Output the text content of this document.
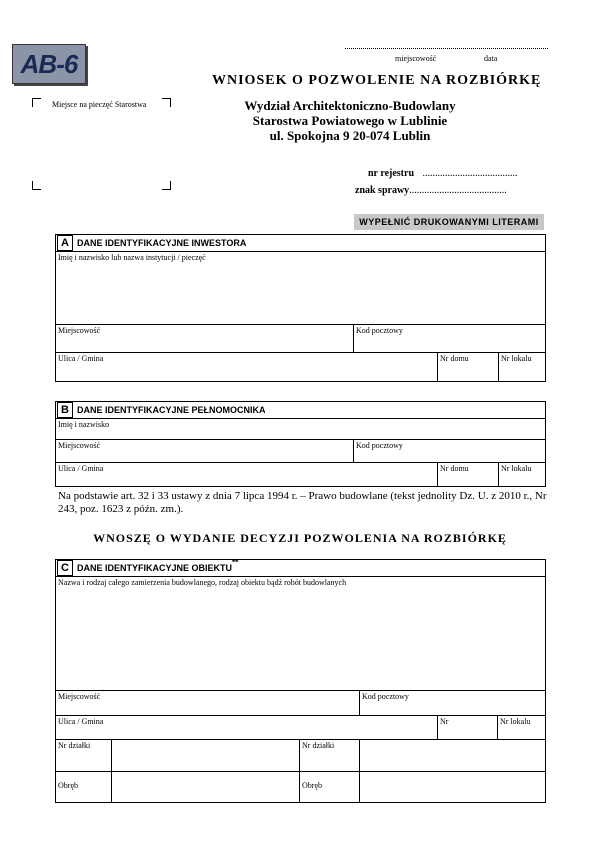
AB-6	miejscowość	data
WNIOSEK O POZWOLENIE NA ROZBIÓRKĘ
Miejsce na pieczęć Starostwa	Wydział Architektoniczno-Budowlany
Starostwa Powiatowego w Lublinie
ul. Spokojna 9 20-074 Lublin
nr rejestru ......................................
znak sprawy.......................................
WYPEŁNIĆ DRUKOWANYMI LITERAMI
A DANE IDENTYFIKACYJNE INWESTORA
Imię i nazwisko lub nazwa instytucji / pieczęć
Miejscowość	Kod pocztowy
Ulica / Gmina	Nr domu	Nr lokalu
B DANE IDENTYFIKACYJNE PEŁNOMOCNIKA
Imię i nazwisko
Miejscowość	Kod pocztowy
Ulica / Gmina	Nr domu	Nr lokalu
Na podstawie art. 32 i 33 ustawy z dnia 7 lipca 1994 r. – Prawo budowlane (tekst jednolity Dz. U. z 2010 r., Nr 243, poz. 1623 z późn. zm.).
WNOSZĘ O WYDANIE DECYZJI POZWOLENIA NA ROZBIÓRKĘ
C DANE IDENTYFIKACYJNE OBIEKTU
**
Nazwa i rodzaj całego zamierzenia budowlanego, rodzaj obiektu bądź robót budowlanych
Miejscowość	Kod pocztowy
Ulica / Gmina	Nr	Nr lokalu
Nr działki	Nr działki
Obręb	Obręb
